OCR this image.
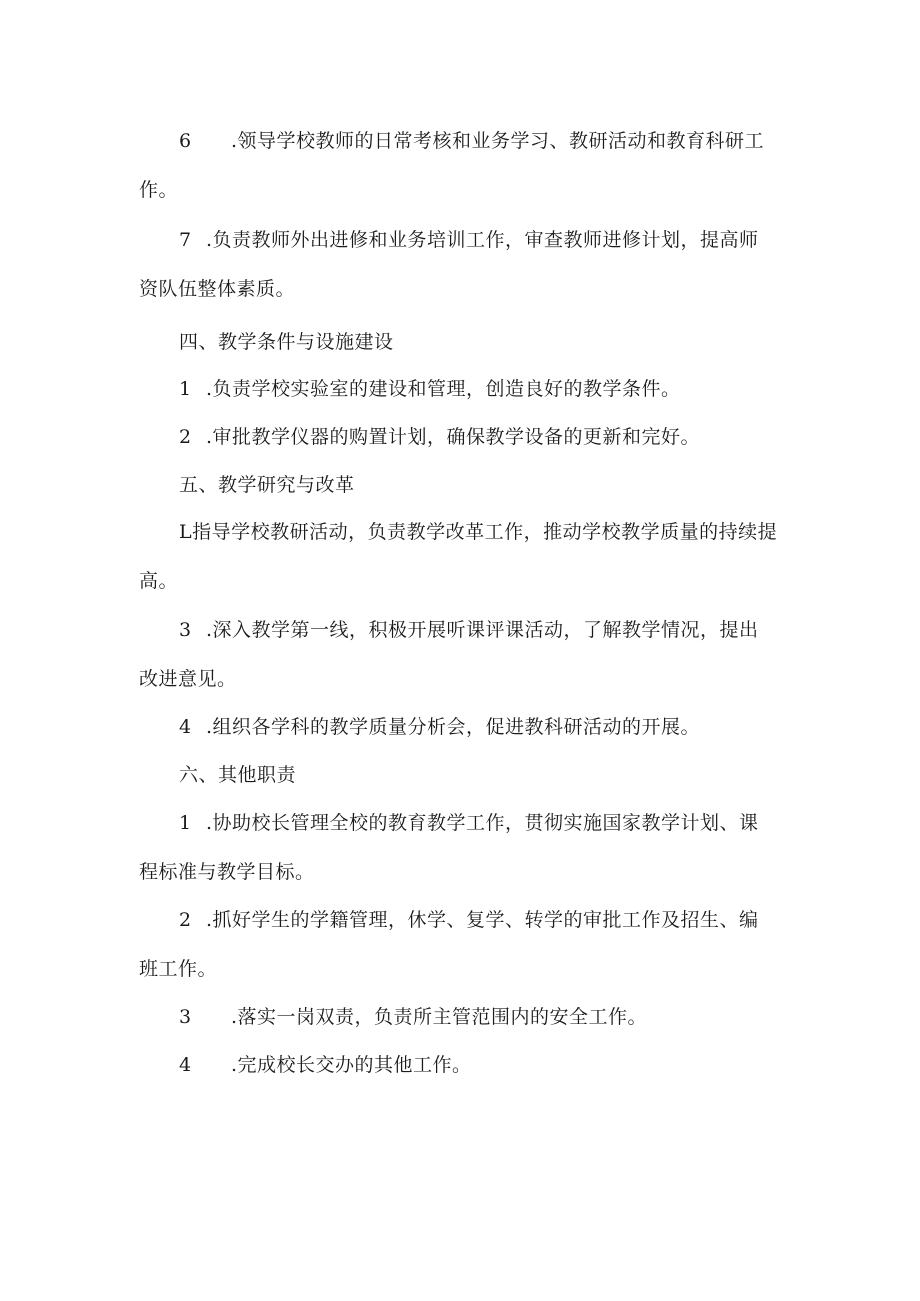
6 .领导学校教师的日常考核和业务学习、教研活动和教育科研工
作。
7 .负责教师外出进修和业务培训工作，审查教师进修计划，提高师
资队伍整体素质。
四、教学条件与设施建设
1 .负责学校实验室的建设和管理，创造良好的教学条件。
2 .审批教学仪器的购置计划，确保教学设备的更新和完好。
五、教学研究与改革
L指导学校教研活动，负责教学改革工作，推动学校教学质量的持续提
高。
3 .深入教学第一线，积极开展听课评课活动，了解教学情况，提出
改进意见。
4 .组织各学科的教学质量分析会，促进教科研活动的开展。
六、其他职责
1 .协助校长管理全校的教育教学工作，贯彻实施国家教学计划、课
程标准与教学目标。
2 .抓好学生的学籍管理，休学、复学、转学的审批工作及招生、编
班工作。
3 .落实一岗双责，负责所主管范围内的安全工作。
4 .完成校长交办的其他工作。
